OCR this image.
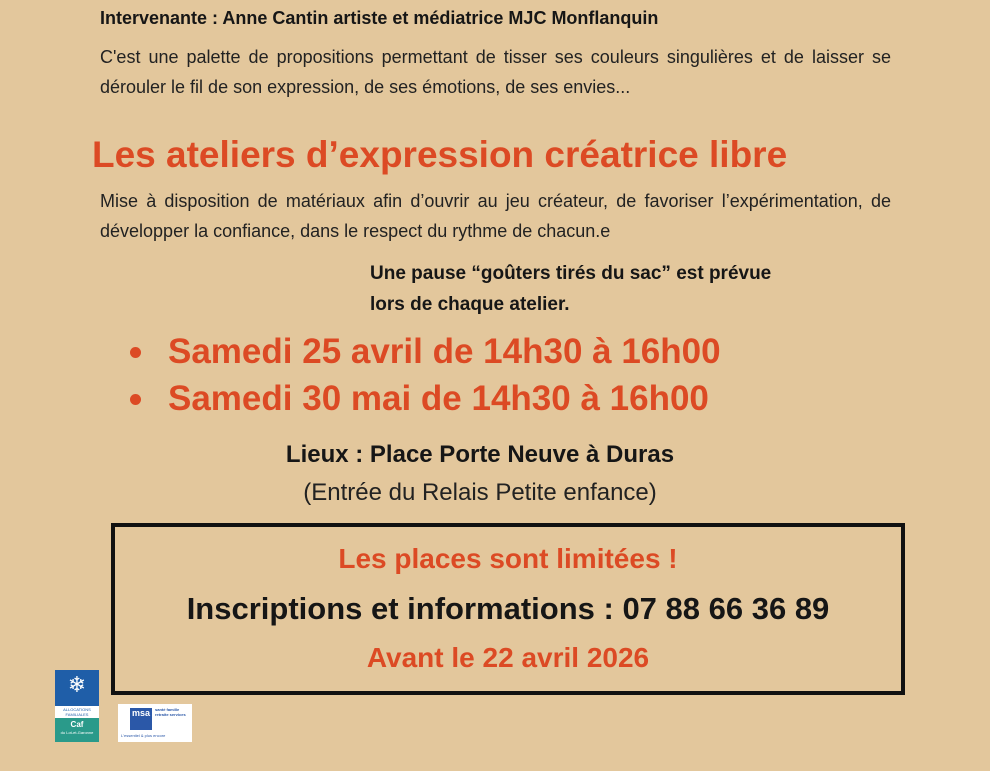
Intervenante : Anne Cantin artiste et médiatrice MJC Monflanquin
C'est une palette de propositions permettant de tisser ses couleurs singulières et de laisser se dérouler le fil de son expression, de ses émotions, de ses envies...
Les ateliers d’expression créatrice libre
Mise à disposition de matériaux afin d’ouvrir au jeu créateur, de favoriser l’expérimentation, de développer la confiance, dans le respect du rythme de chacun.e
Une pause “goûters tirés du sac” est prévue
lors de chaque atelier.
Samedi 25 avril de 14h30 à 16h00
Samedi 30 mai de 14h30 à 16h00
Lieux : Place Porte Neuve à Duras
(Entrée du Relais Petite enfance)
Les places sont limitées !
Inscriptions et informations : 07 88 66 36 89
Avant le 22 avril 2026
❄
ALLOCATIONS FAMILIALES
Caf
du Lot-et-Garonne
msa	santé famille retraite services
L'essentiel & plus encore
